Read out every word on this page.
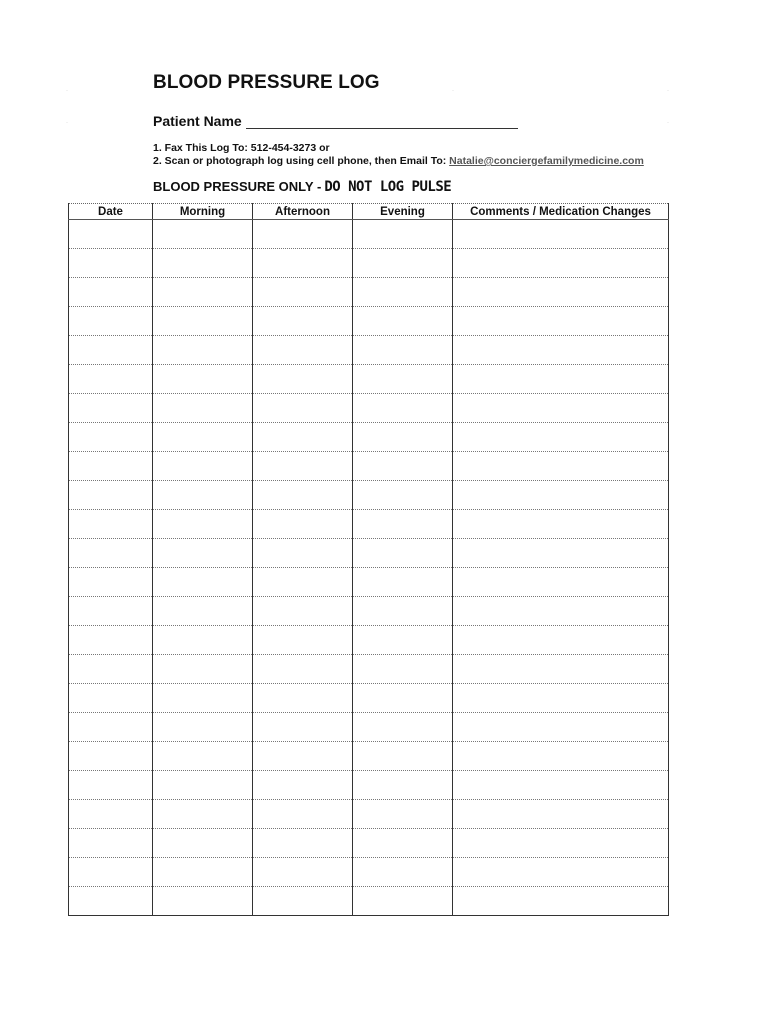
BLOOD PRESSURE LOG
Patient Name
1. Fax This Log To: 512-454-3273 or
2. Scan or photograph log using cell phone, then Email To: Natalie@conciergefamilymedicine.com
BLOOD PRESSURE ONLY - DO NOT LOG PULSE
·
·
·	·
·
Date	Morning	Afternoon	Evening	Comments / Medication Changes
